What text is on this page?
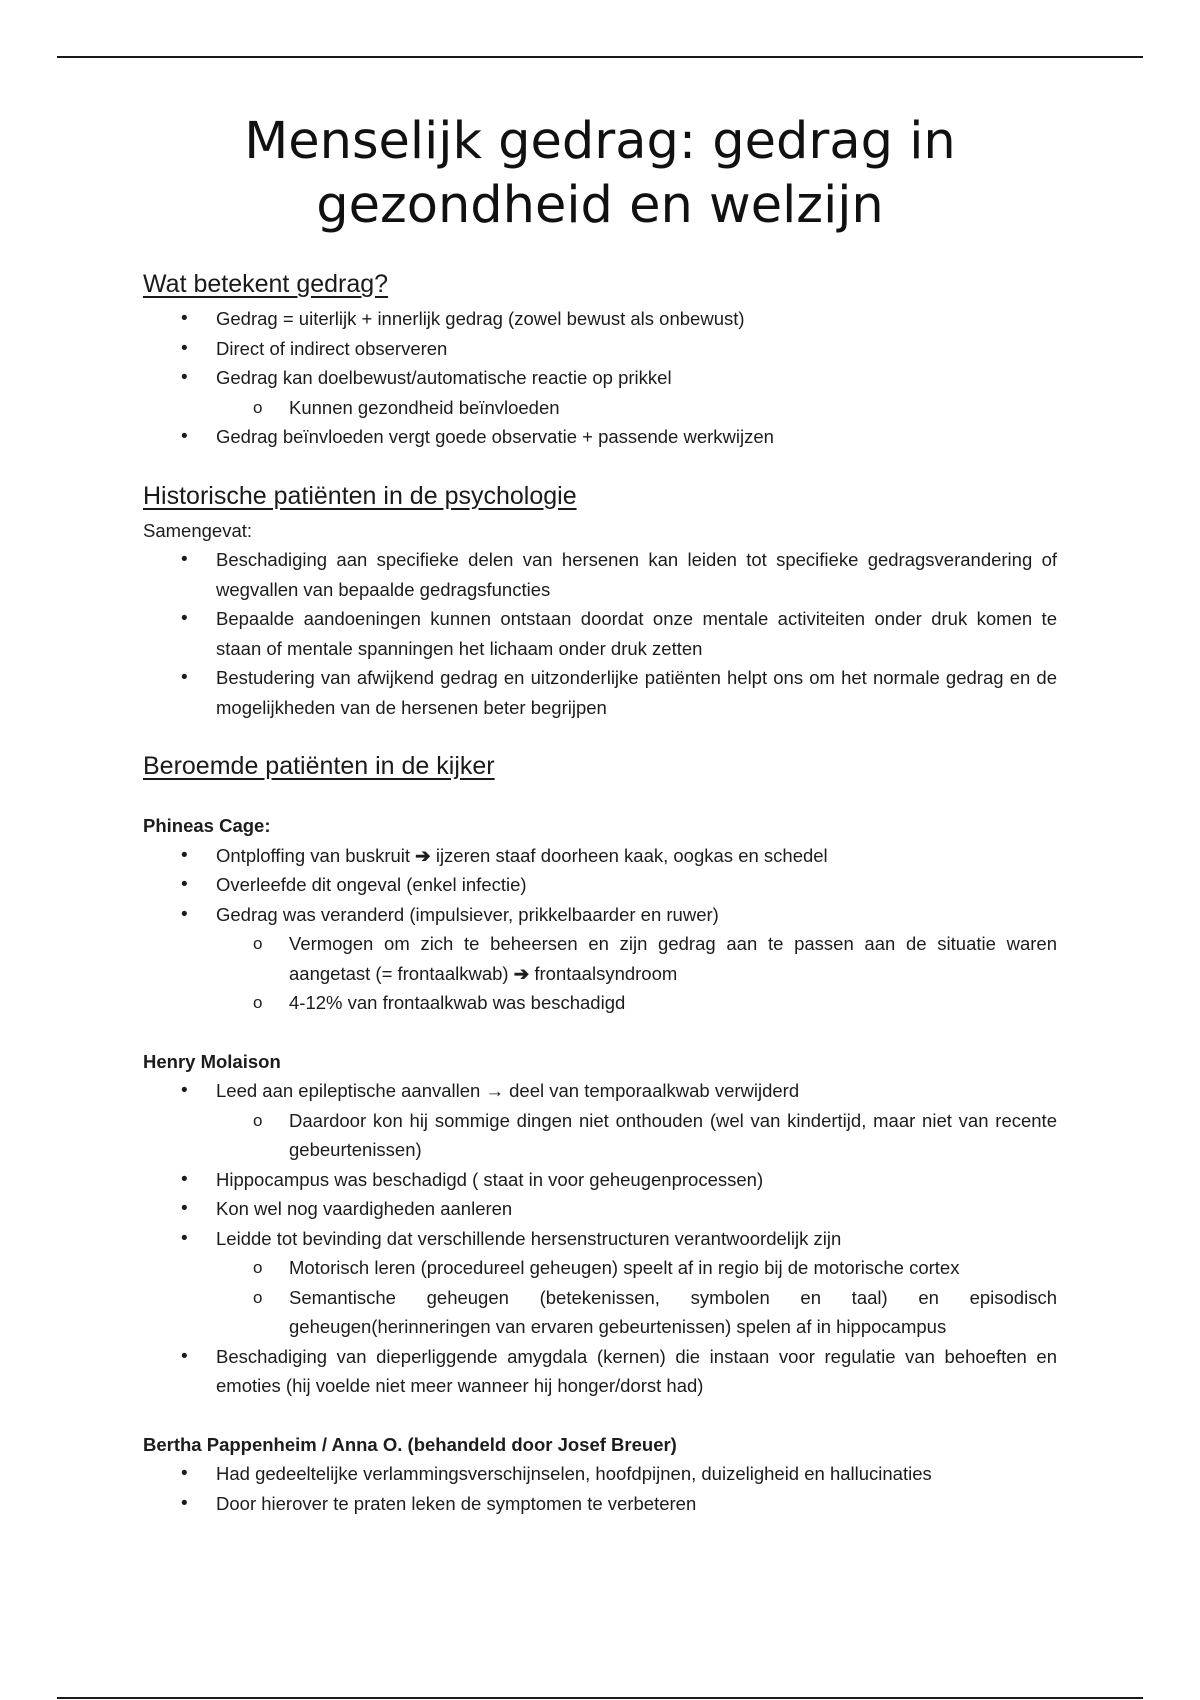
Menselijk gedrag: gedrag in gezondheid en welzijn
Wat betekent gedrag?
• Gedrag = uiterlijk + innerlijk gedrag (zowel bewust als onbewust)
• Direct of indirect observeren
• Gedrag kan doelbewust/automatische reactie op prikkel
o Kunnen gezondheid beïnvloeden
• Gedrag beïnvloeden vergt goede observatie + passende werkwijzen
Historische patiënten in de psychologie

Samengevat:

• Beschadiging aan specifieke delen van hersenen kan leiden tot specifieke gedragsverandering of wegvallen van bepaalde gedragsfuncties
• Bepaalde aandoeningen kunnen ontstaan doordat onze mentale activiteiten onder druk komen te staan of mentale spanningen het lichaam onder druk zetten
• Bestudering van afwijkend gedrag en uitzonderlijke patiënten helpt ons om het normale gedrag en de mogelijkheden van de hersenen beter begrijpen
Beroemde patiënten in de kijker

Phineas Cage:

• Ontploffing van buskruit ➔ ijzeren staaf doorheen kaak, oogkas en schedel
• Overleefde dit ongeval (enkel infectie)
• Gedrag was veranderd (impulsiever, prikkelbaarder en ruwer)
o Vermogen om zich te beheersen en zijn gedrag aan te passen aan de situatie waren aangetast (= frontaalkwab) ➔ frontaalsyndroom
o 4-12% van frontaalkwab was beschadigd

Henry Molaison

• Leed aan epileptische aanvallen → deel van temporaalkwab verwijderd
o Daardoor kon hij sommige dingen niet onthouden (wel van kindertijd, maar niet van recente gebeurtenissen)
• Hippocampus was beschadigd ( staat in voor geheugenprocessen)
• Kon wel nog vaardigheden aanleren
• Leidde tot bevinding dat verschillende hersenstructuren verantwoordelijk zijn
o Motorisch leren (procedureel geheugen) speelt af in regio bij de motorische cortex
o Semantische geheugen (betekenissen, symbolen en taal) en episodisch geheugen(herinneringen van ervaren gebeurtenissen) spelen af in hippocampus
• Beschadiging van dieperliggende amygdala (kernen) die instaan voor regulatie van behoeften en emoties (hij voelde niet meer wanneer hij honger/dorst had)

Bertha Pappenheim / Anna O. (behandeld door Josef Breuer)

• Had gedeeltelijke verlammingsverschijnselen, hoofdpijnen, duizeligheid en hallucinaties
• Door hierover te praten leken de symptomen te verbeteren
